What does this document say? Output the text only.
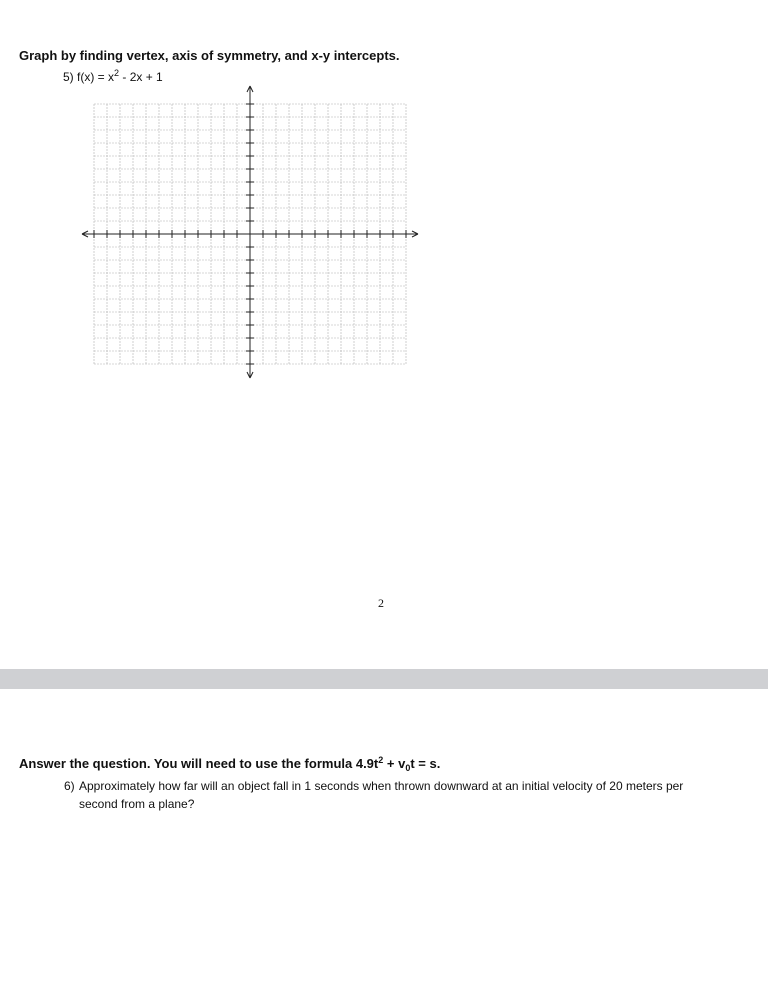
Graph by finding vertex, axis of symmetry, and x-y intercepts.
5) $f(x) = x^2 - 2x + 1$
2
Answer the question. You will need to use the formula $4.9t^2 + v_0t = s$.
6) Approximately how far will an object fall in 1 seconds when thrown downward at an initial velocity of 20 meters per second from a plane?
